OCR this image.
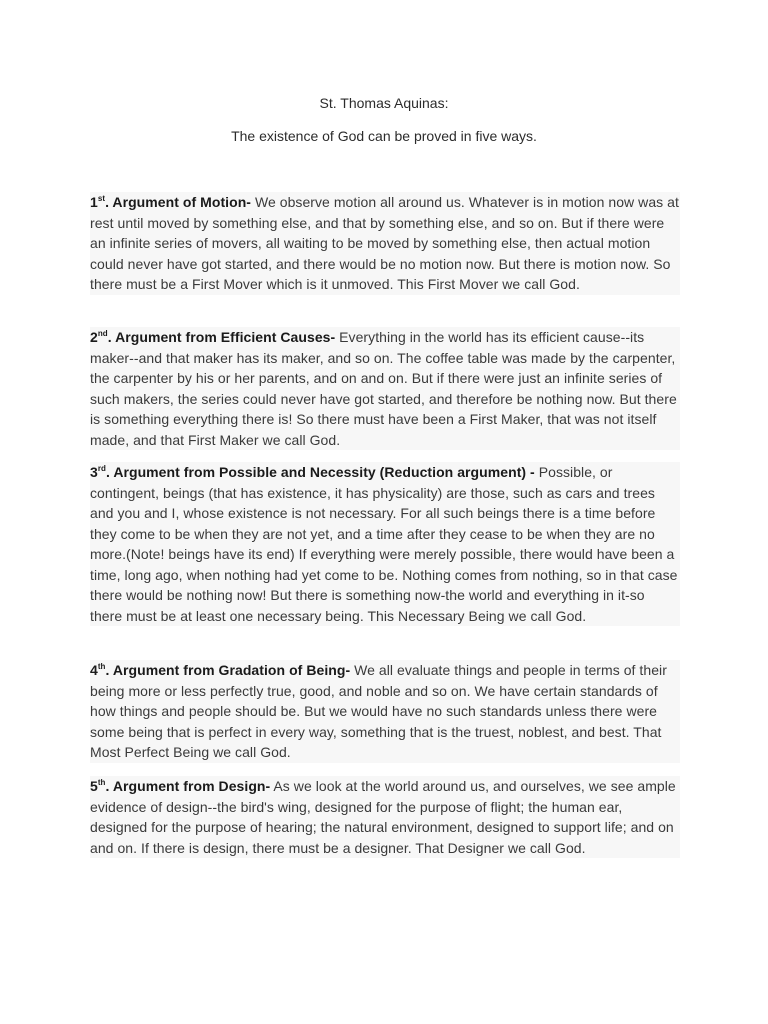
St. Thomas Aquinas:
The existence of God can be proved in five ways.
1st. Argument of Motion- We observe motion all around us. Whatever is in motion now was at rest until moved by something else, and that by something else, and so on. But if there were an infinite series of movers, all waiting to be moved by something else, then actual motion could never have got started, and there would be no motion now. But there is motion now. So there must be a First Mover which is it unmoved. This First Mover we call God.
2nd. Argument from Efficient Causes- Everything in the world has its efficient cause--its maker--and that maker has its maker, and so on. The coffee table was made by the carpenter, the carpenter by his or her parents, and on and on. But if there were just an infinite series of such makers, the series could never have got started, and therefore be nothing now. But there is something everything there is! So there must have been a First Maker, that was not itself made, and that First Maker we call God.
3rd. Argument from Possible and Necessity (Reduction argument) - Possible, or contingent, beings (that has existence, it has physicality) are those, such as cars and trees and you and I, whose existence is not necessary. For all such beings there is a time before they come to be when they are not yet, and a time after they cease to be when they are no more.(Note! beings have its end) If everything were merely possible, there would have been a time, long ago, when nothing had yet come to be. Nothing comes from nothing, so in that case there would be nothing now! But there is something now-the world and everything in it-so there must be at least one necessary being. This Necessary Being we call God.
4th. Argument from Gradation of Being- We all evaluate things and people in terms of their being more or less perfectly true, good, and noble and so on. We have certain standards of how things and people should be. But we would have no such standards unless there were some being that is perfect in every way, something that is the truest, noblest, and best. That Most Perfect Being we call God.
5th. Argument from Design- As we look at the world around us, and ourselves, we see ample evidence of design--the bird's wing, designed for the purpose of flight; the human ear, designed for the purpose of hearing; the natural environment, designed to support life; and on and on. If there is design, there must be a designer. That Designer we call God.
